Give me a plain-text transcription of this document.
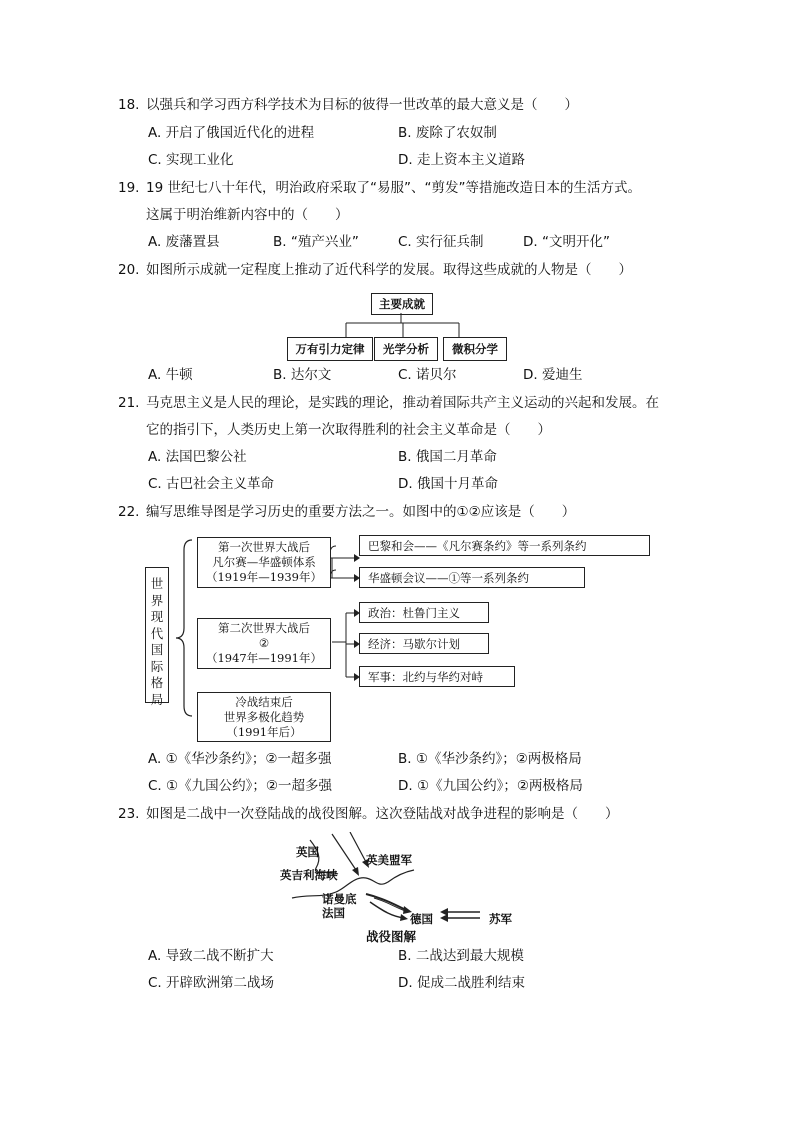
18. 以强兵和学习西方科学技术为目标的彼得一世改革的最大意义是（　　）
A. 开启了俄国近代化的进程	B. 废除了农奴制
C. 实现工业化	D. 走上资本主义道路
19. 19 世纪七八十年代，明治政府采取了“易服”、“剪发”等措施改造日本的生活方式。
这属于明治维新内容中的（　　）
A. 废藩置县	B. “殖产兴业”	C. 实行征兵制	D. “文明开化”
20. 如图所示成就一定程度上推动了近代科学的发展。取得这些成就的人物是（　　）
主要成就
万有引力定律	光学分析	微积分学
A. 牛顿	B. 达尔文	C. 诺贝尔	D. 爱迪生
21. 马克思主义是人民的理论，是实践的理论，推动着国际共产主义运动的兴起和发展。在
它的指引下，人类历史上第一次取得胜利的社会主义革命是（　　）
A. 法国巴黎公社	B. 俄国二月革命
C. 古巴社会主义革命	D. 俄国十月革命
22. 编写思维导图是学习历史的重要方法之一。如图中的①②应该是（　　）
世界现代国际格局
第一次世界大战后
凡尔赛—华盛顿体系
（1919年—1939年）
巴黎和会——《凡尔赛条约》等一系列条约
华盛顿会议——①等一系列条约
第二次世界大战后
②
（1947年—1991年）
政治：杜鲁门主义
经济：马歇尔计划
军事：北约与华约对峙
冷战结束后
世界多极化趋势
（1991年后）
A. ①《华沙条约》；②一超多强	B. ①《华沙条约》；②两极格局
C. ①《九国公约》；②一超多强	D. ①《九国公约》；②两极格局
23. 如图是二战中一次登陆战的战役图解。这次登陆战对战争进程的影响是（　　）
英国
英美盟军
英吉利海峡
诺曼底
法国	德国	苏军
战役图解
A. 导致二战不断扩大	B. 二战达到最大规模
C. 开辟欧洲第二战场	D. 促成二战胜利结束
